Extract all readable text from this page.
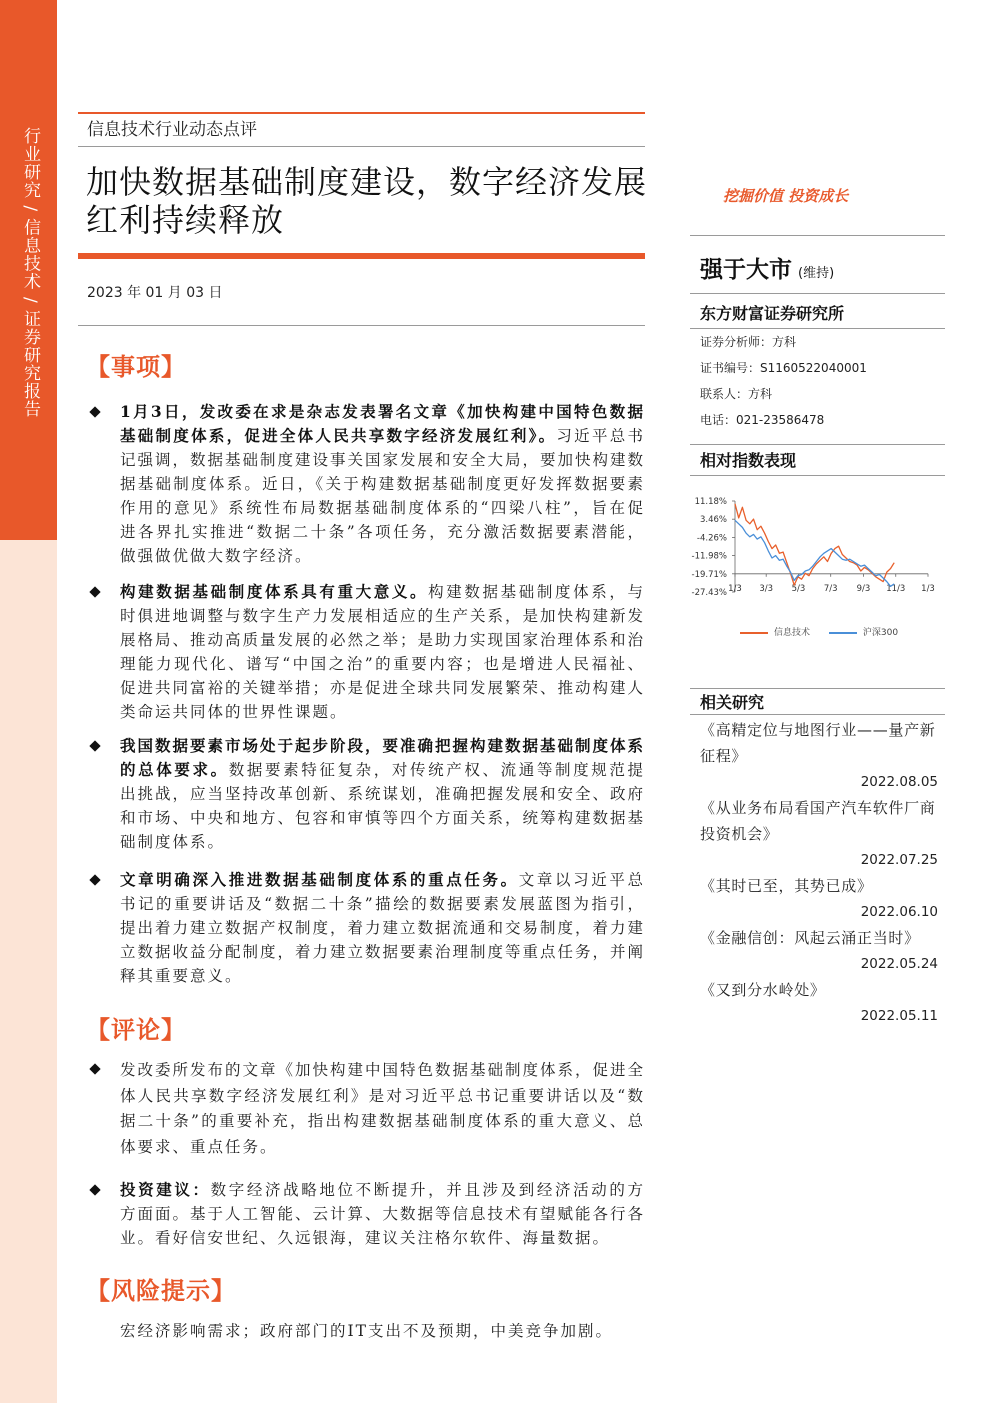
行业研究 / 信息技术 / 证券研究报告	信息技术行业动态点评
加快数据基础制度建设，数字经济发展
红利持续释放
2023 年 01 月 03 日
【事项】

1月3日，发改委在求是杂志发表署名文章《加快构建中国特色数据基础制度体系，促进全体人民共享数字经济发展红利》。习近平总书记强调，数据基础制度建设事关国家发展和安全大局，要加快构建数据基础制度体系。近日，《关于构建数据基础制度更好发挥数据要素作用的意见》系统性布局数据基础制度体系的“四梁八柱”，旨在促进各界扎实推进“数据二十条”各项任务，充分激活数据要素潜能，做强做优做大数字经济。

构建数据基础制度体系具有重大意义。构建数据基础制度体系，与时俱进地调整与数字生产力发展相适应的生产关系，是加快构建新发展格局、推动高质量发展的必然之举；是助力实现国家治理体系和治理能力现代化、谱写“中国之治”的重要内容；也是增进人民福祉、促进共同富裕的关键举措；亦是促进全球共同发展繁荣、推动构建人类命运共同体的世界性课题。

我国数据要素市场处于起步阶段，要准确把握构建数据基础制度体系的总体要求。数据要素特征复杂，对传统产权、流通等制度规范提出挑战，应当坚持改革创新、系统谋划，准确把握发展和安全、政府和市场、中央和地方、包容和审慎等四个方面关系，统筹构建数据基础制度体系。

文章明确深入推进数据基础制度体系的重点任务。文章以习近平总书记的重要讲话及“数据二十条”描绘的数据要素发展蓝图为指引，提出着力建立数据产权制度，着力建立数据流通和交易制度，着力建立数据收益分配制度，着力建立数据要素治理制度等重点任务，并阐释其重要意义。

【评论】

发改委所发布的文章《加快构建中国特色数据基础制度体系，促进全体人民共享数字经济发展红利》是对习近平总书记重要讲话以及“数据二十条”的重要补充，指出构建数据基础制度体系的重大意义、总体要求、重点任务。

投资建议：数字经济战略地位不断提升，并且涉及到经济活动的方方面面。基于人工智能、云计算、大数据等信息技术有望赋能各行各业。看好信安世纪、久远银海，建议关注格尔软件、海量数据。

【风险提示】
宏经济影响需求；政府部门的IT支出不及预期，中美竞争加剧。
挖掘价值 投资成长
强于大市 (维持)
东方财富证券研究所
证券分析师：方科
证书编号：S1160522040001
联系人：方科
电话：021-23586478
相对指数表现
11.18%
3.46%
-4.26%
-11.98%
-19.71%
-27.43% 1/3 3/3 5/3 7/3 9/3 11/3 1/3
信息技术	沪深300
相关研究
《高精定位与地图行业——量产新征程》
2022.08.05
《从业务布局看国产汽车软件厂商投资机会》
2022.07.25
《其时已至，其势已成》
2022.06.10
《金融信创：风起云涌正当时》
2022.05.24
《又到分水岭处》
2022.05.11
